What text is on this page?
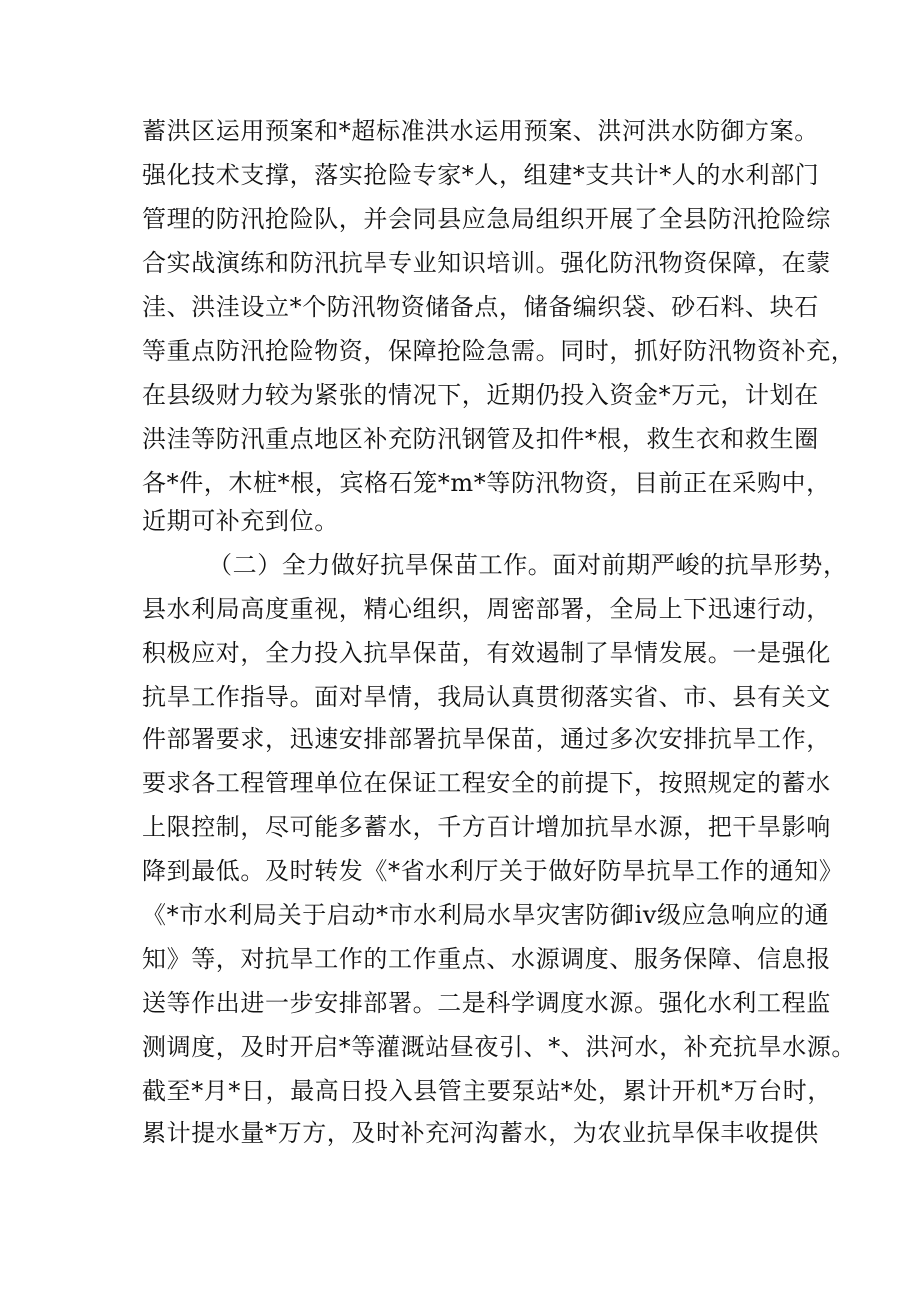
蓄洪区运用预案和*超标准洪水运用预案、洪河洪水防御方案。
强化技术支撑，落实抢险专家*人，组建*支共计*人的水利部门
管理的防汛抢险队，并会同县应急局组织开展了全县防汛抢险综
合实战演练和防汛抗旱专业知识培训。强化防汛物资保障，在蒙
洼、洪洼设立*个防汛物资储备点，储备编织袋、砂石料、块石
等重点防汛抢险物资，保障抢险急需。同时，抓好防汛物资补充，
在县级财力较为紧张的情况下，近期仍投入资金*万元，计划在
洪洼等防汛重点地区补充防汛钢管及扣件*根，救生衣和救生圈
各*件，木桩*根，宾格石笼*m*等防汛物资，目前正在采购中，
近期可补充到位。
（二）全力做好抗旱保苗工作。面对前期严峻的抗旱形势，
县水利局高度重视，精心组织，周密部署，全局上下迅速行动，
积极应对，全力投入抗旱保苗，有效遏制了旱情发展。一是强化
抗旱工作指导。面对旱情，我局认真贯彻落实省、市、县有关文
件部署要求，迅速安排部署抗旱保苗，通过多次安排抗旱工作，
要求各工程管理单位在保证工程安全的前提下，按照规定的蓄水
上限控制，尽可能多蓄水，千方百计增加抗旱水源，把干旱影响
降到最低。及时转发《*省水利厅关于做好防旱抗旱工作的通知》
《*市水利局关于启动*市水利局水旱灾害防御iv级应急响应的通
知》等，对抗旱工作的工作重点、水源调度、服务保障、信息报
送等作出进一步安排部署。二是科学调度水源。强化水利工程监
测调度，及时开启*等灌溉站昼夜引、*、洪河水，补充抗旱水源。
截至*月*日，最高日投入县管主要泵站*处，累计开机*万台时，
累计提水量*万方，及时补充河沟蓄水，为农业抗旱保丰收提供
